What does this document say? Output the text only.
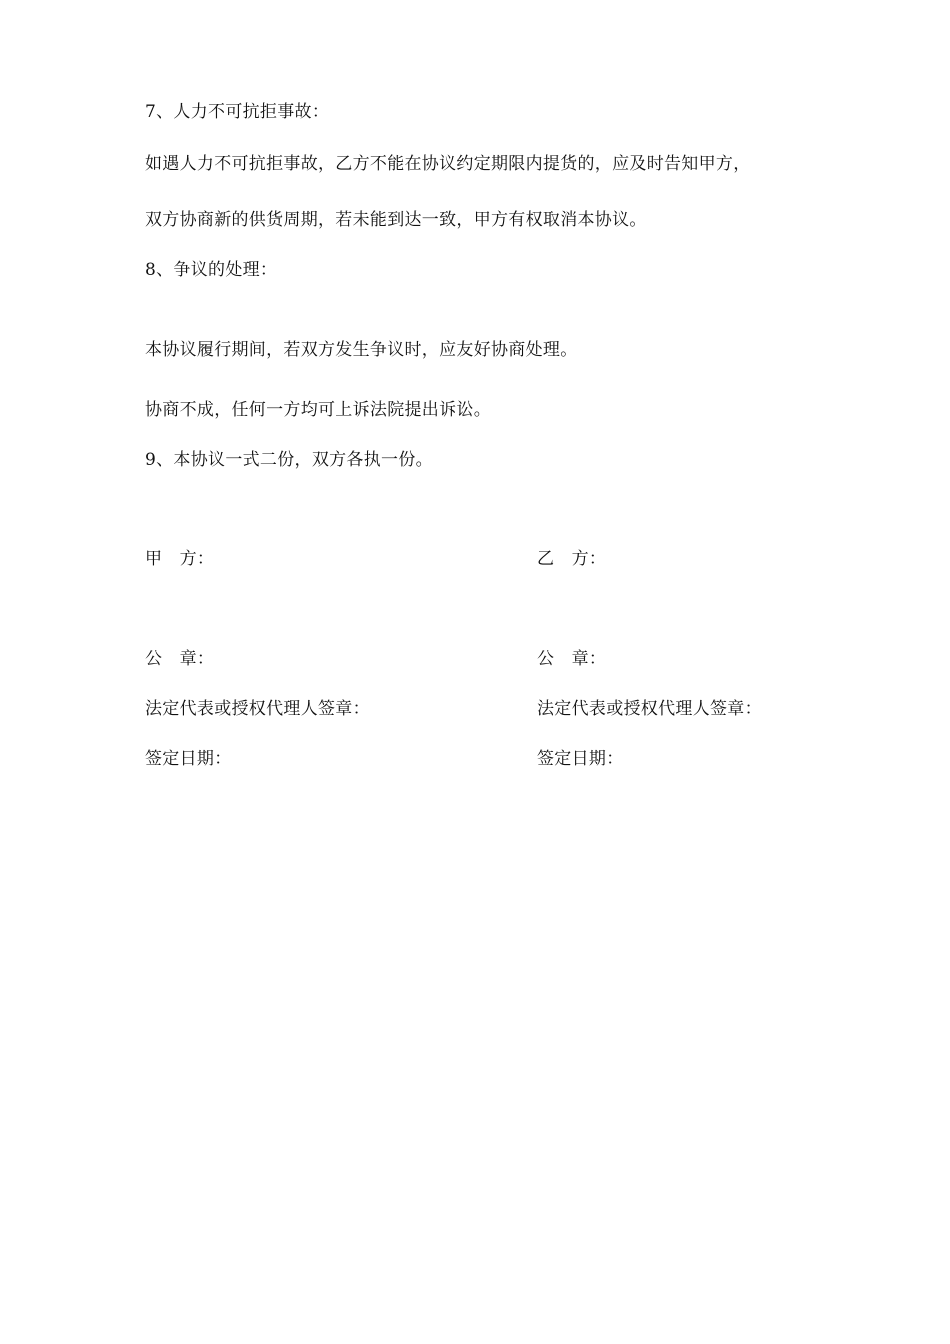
7、人力不可抗拒事故：
如遇人力不可抗拒事故，乙方不能在协议约定期限内提货的，应及时告知甲方，
双方协商新的供货周期，若未能到达一致，甲方有权取消本协议。
8、争议的处理：
本协议履行期间，若双方发生争议时，应友好协商处理。
协商不成，任何一方均可上诉法院提出诉讼。
9、本协议一式二份，双方各执一份。
甲　方：	乙　方：
公　章：	公　章：
法定代表或授权代理人签章：	法定代表或授权代理人签章：
签定日期：	签定日期：
